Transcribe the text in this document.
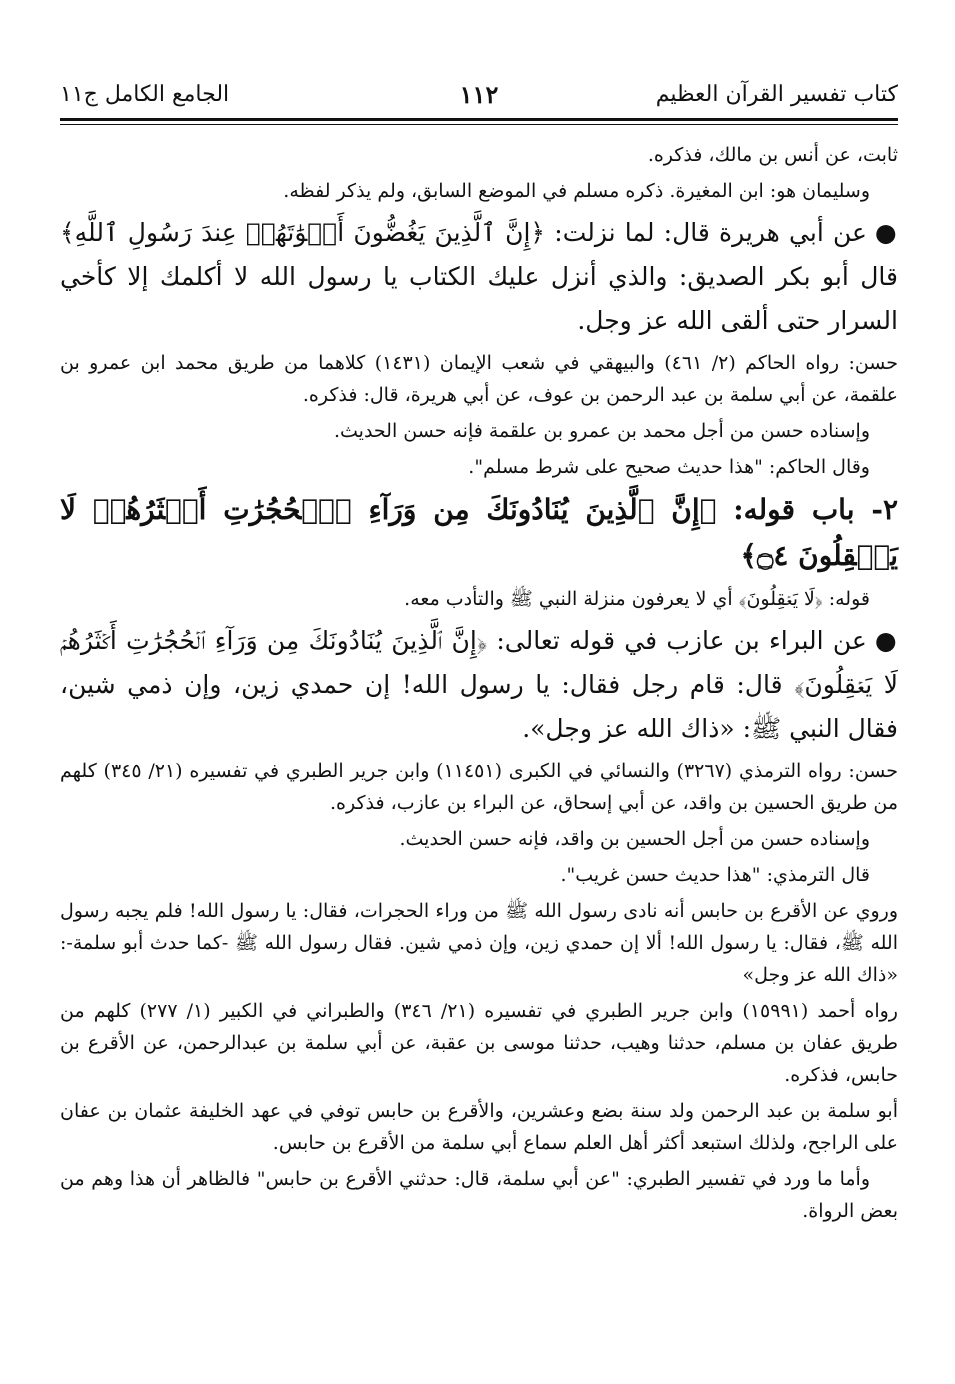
كتاب تفسير القرآن العظيم
١١٢
الجامع الكامل ج١١

ثابت، عن أنس بن مالك، فذكره.

وسليمان هو: ابن المغيرة. ذكره مسلم في الموضع السابق، ولم يذكر لفظه.

●عن أبي هريرة قال: لما نزلت: ﴿إِنَّ ٱلَّذِينَ يَغُضُّونَ أَصۡوَٰتَهُمۡ عِندَ رَسُولِ ٱللَّهِ﴾ قال أبو بكر الصديق: والذي أنزل عليك الكتاب يا رسول الله لا أكلمك إلا كأخي السرار حتى ألقى الله عز وجل.

حسن: رواه الحاكم (٢/ ٤٦١) والبيهقي في شعب الإيمان (١٤٣١) كلاهما من طريق محمد ابن عمرو بن علقمة، عن أبي سلمة بن عبد الرحمن بن عوف، عن أبي هريرة، قال: فذكره.

وإسناده حسن من أجل محمد بن عمرو بن علقمة فإنه حسن الحديث.

وقال الحاكم: "هذا حديث صحيح على شرط مسلم".

٢- باب قوله: ﴿إِنَّ ٱلَّذِينَ يُنَادُونَكَ مِن وَرَآءِ ٱلۡحُجُرَٰتِ أَكۡثَرُهُمۡ لَا يَعۡقِلُونَ ۝٤﴾

قوله: ﴿لَا يَعۡقِلُونَ﴾ أي لا يعرفون منزلة النبي ﷺ والتأدب معه.

●عن البراء بن عازب في قوله تعالى: ﴿إِنَّ ٱلَّذِينَ يُنَادُونَكَ مِن وَرَآءِ ٱلۡحُجُرَٰتِ أَكۡثَرُهُمۡ لَا يَعۡقِلُونَ﴾ قال: قام رجل فقال: يا رسول الله! إن حمدي زين، وإن ذمي شين، فقال النبي ﷺ: «ذاك الله عز وجل».

حسن: رواه الترمذي (٣٢٦٧) والنسائي في الكبرى (١١٤٥١) وابن جرير الطبري في تفسيره (٢١/ ٣٤٥) كلهم من طريق الحسين بن واقد، عن أبي إسحاق، عن البراء بن عازب، فذكره.

وإسناده حسن من أجل الحسين بن واقد، فإنه حسن الحديث.

قال الترمذي: "هذا حديث حسن غريب".

وروي عن الأقرع بن حابس أنه نادى رسول الله ﷺ من وراء الحجرات، فقال: يا رسول الله! فلم يجبه رسول الله ﷺ، فقال: يا رسول الله! ألا إن حمدي زين، وإن ذمي شين. فقال رسول الله ﷺ -كما حدث أبو سلمة-: «ذاك الله عز وجل»

رواه أحمد (١٥٩٩١) وابن جرير الطبري في تفسيره (٢١/ ٣٤٦) والطبراني في الكبير (١/ ٢٧٧) كلهم من طريق عفان بن مسلم، حدثنا وهيب، حدثنا موسى بن عقبة، عن أبي سلمة بن عبدالرحمن، عن الأقرع بن حابس، فذكره.

أبو سلمة بن عبد الرحمن ولد سنة بضع وعشرين، والأقرع بن حابس توفي في عهد الخليفة عثمان بن عفان على الراجح، ولذلك استبعد أكثر أهل العلم سماع أبي سلمة من الأقرع بن حابس.

وأما ما ورد في تفسير الطبري: "عن أبي سلمة، قال: حدثني الأقرع بن حابس" فالظاهر أن هذا وهم من بعض الرواة.
